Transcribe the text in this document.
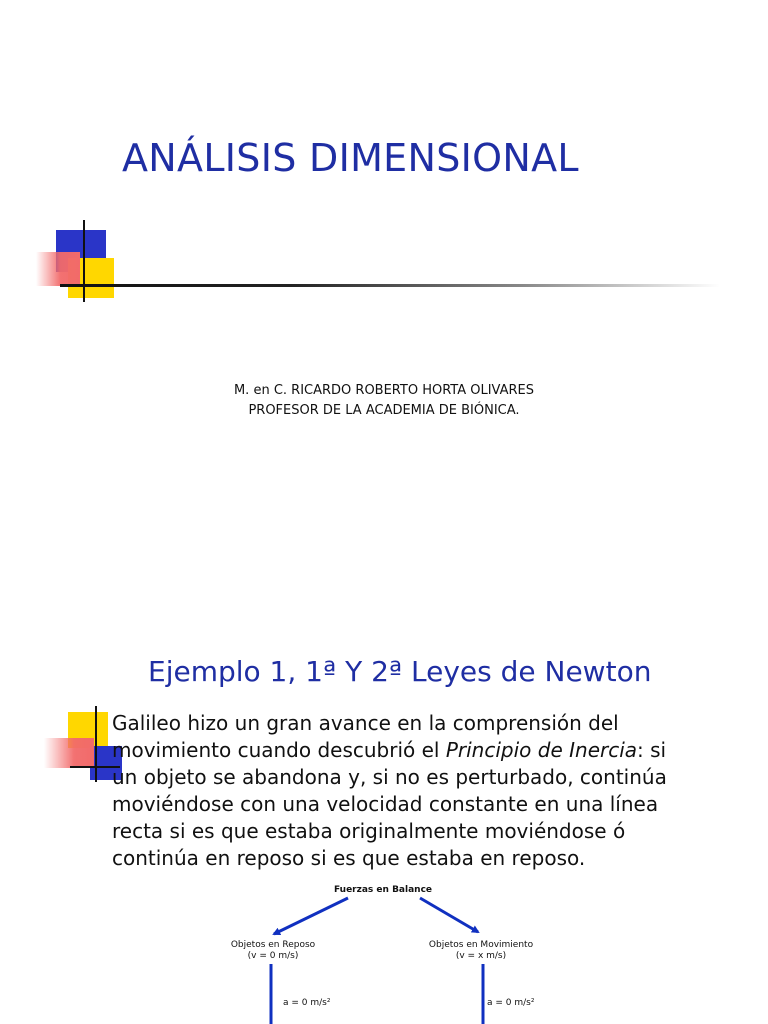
ANÁLISIS DIMENSIONAL
M. en C. RICARDO ROBERTO HORTA OLIVARES
PROFESOR DE LA ACADEMIA DE BIÓNICA.
Ejemplo 1, 1ª Y 2ª Leyes de Newton
Galileo hizo un gran avance en la comprensión del movimiento cuando descubrió el Principio de Inercia: si un objeto se abandona y, si no es perturbado, continúa moviéndose con una velocidad constante en una línea recta si es que estaba originalmente moviéndose ó continúa en reposo si es que estaba en reposo.
Fuerzas en Balance
Objetos en Reposo
(v = 0 m/s)
Objetos en Movimiento
(v = x m/s)
a = 0 m/s²	a = 0 m/s²
